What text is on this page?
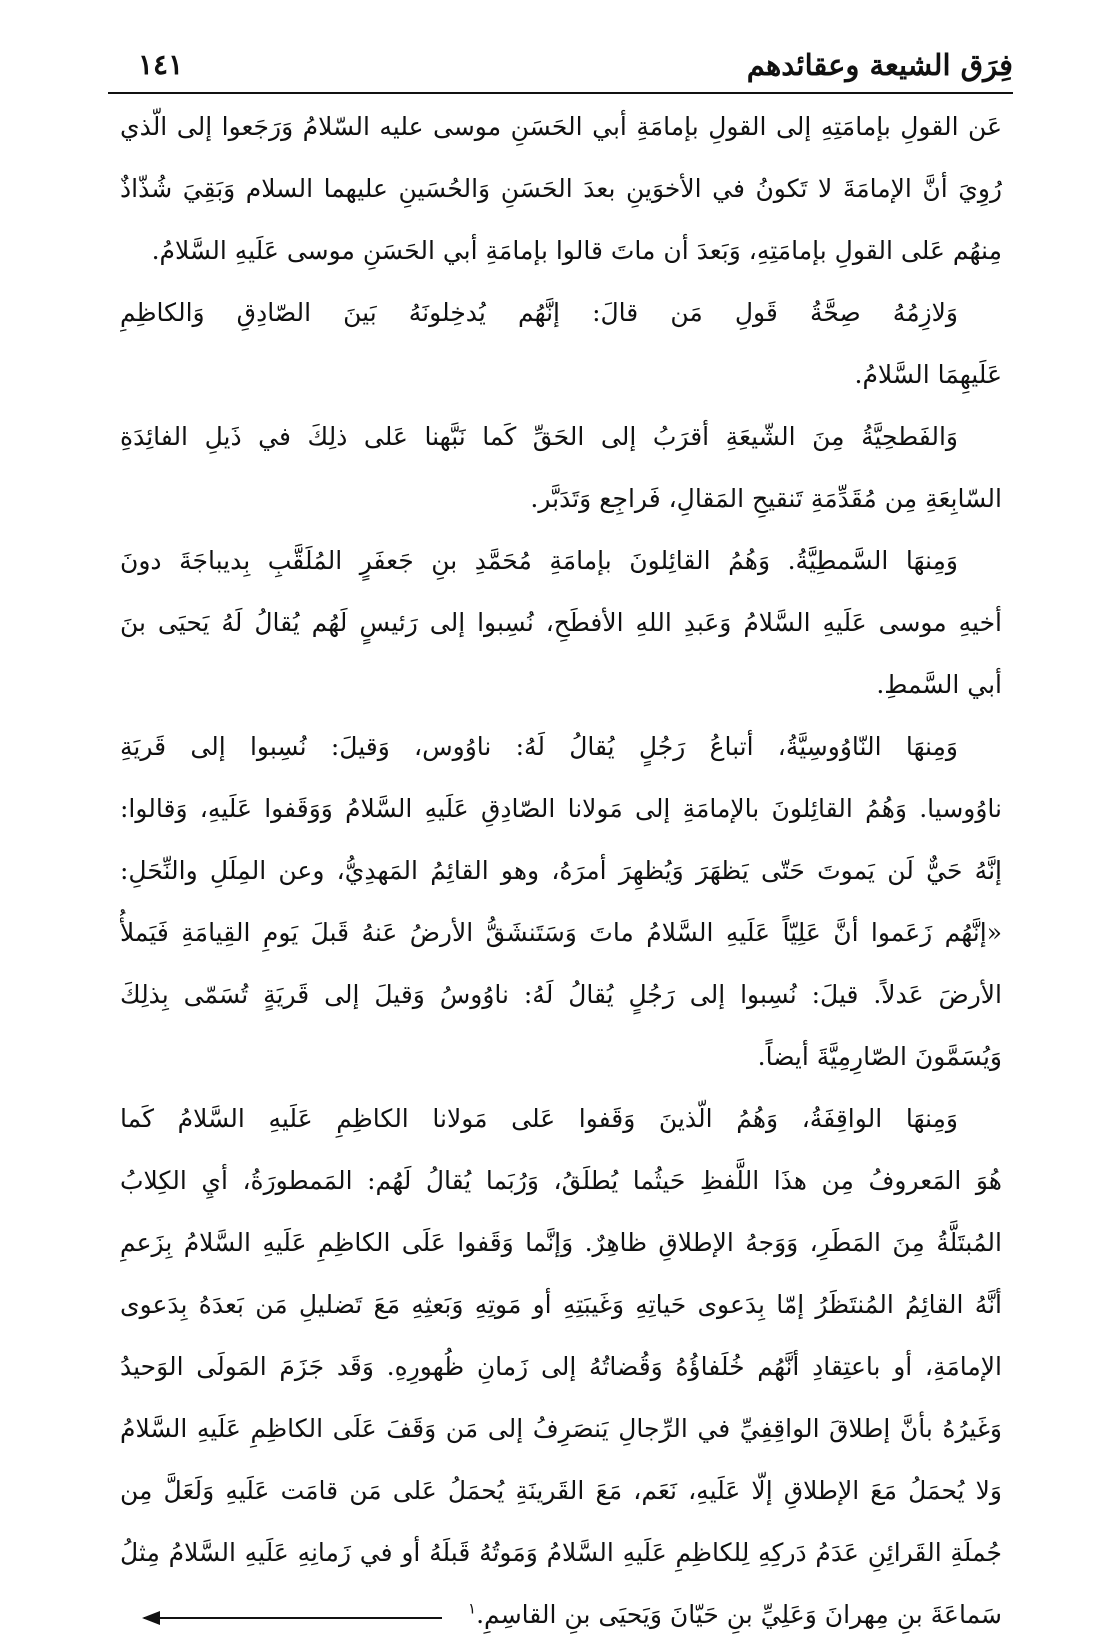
فِرَق الشيعة وعقائدهم
١٤١
عَن القولِ بإمامَتِهِ إلى القولِ بإمامَةِ أبي الحَسَنِ موسى عليه السّلامُ وَرَجَعوا إلى الّذي
رُوِيَ أنَّ الإمامَةَ لا تَكونُ في الأخوَينِ بعدَ الحَسَنِ وَالحُسَينِ عليهما السلام وَبَقِيَ شُذّاذٌ
مِنهُم عَلى القولِ بإمامَتِهِ، وَبَعدَ أن ماتَ قالوا بإمامَةِ أبي الحَسَنِ موسى عَلَيهِ السَّلامُ.
وَلازِمُهُ صِحَّةُ قَولِ مَن قالَ: إنَّهُم يُدخِلونَهُ بَينَ الصّادِقِ وَالكاظِمِ
عَلَيهِمَا السَّلامُ.
وَالفَطحِيَّةُ مِنَ الشّيعَةِ أقرَبُ إلى الحَقِّ كَما نَبَّهنا عَلى ذلِكَ في ذَيلِ الفائِدَةِ
السّابِعَةِ مِن مُقَدِّمَةِ تَنقيحِ المَقالِ، فَراجِع وَتَدَبَّر.
وَمِنهَا السَّمطِيَّةُ. وَهُمُ القائِلونَ بإمامَةِ مُحَمَّدِ بنِ جَعفَرٍ المُلَقَّبِ بِديباجَةَ دونَ
أخيهِ موسى عَلَيهِ السَّلامُ وَعَبدِ اللهِ الأفطَحِ، نُسِبوا إلى رَئيسٍ لَهُم يُقالُ لَهُ يَحيَى بنَ
أبي السَّمطِ.
وَمِنهَا النّاوُوسِيَّةُ، أتباعُ رَجُلٍ يُقالُ لَهُ: ناوُوس، وَقيلَ: نُسِبوا إلى قَريَةِ
ناوُوسيا. وَهُمُ القائِلونَ بالإمامَةِ إلى مَولانا الصّادِقِ عَلَيهِ السَّلامُ وَوَقَفوا عَلَيهِ، وَقالوا:
إنَّهُ حَيٌّ لَن يَموتَ حَتّى يَظهَرَ وَيُظهِرَ أمرَهُ، وهو القائِمُ المَهدِيُّ، وعن المِلَلِ والنِّحَلِ:
«إنَّهُم زَعَموا أنَّ عَلِيّاً عَلَيهِ السَّلامُ ماتَ وَسَتَنشَقُّ الأرضُ عَنهُ قَبلَ يَومِ القِيامَةِ فَيَملأُ
الأرضَ عَدلاً. قيلَ: نُسِبوا إلى رَجُلٍ يُقالُ لَهُ: ناوُوسُ وَقيلَ إلى قَريَةٍ تُسَمّى بِذلِكَ
وَيُسَمَّونَ الصّارِمِيَّةَ أيضاً.
وَمِنهَا الواقِفَةُ، وَهُمُ الّذينَ وَقَفوا عَلى مَولانا الكاظِمِ عَلَيهِ السَّلامُ كَما
هُوَ المَعروفُ مِن هذَا اللَّفظِ حَيثُما يُطلَقُ، وَرُبَما يُقالُ لَهُم: المَمطورَةُ، أيِ الكِلابُ
المُبتَلَّةُ مِنَ المَطَرِ، وَوَجهُ الإطلاقِ ظاهِرٌ. وَإنَّما وَقَفوا عَلَى الكاظِمِ عَلَيهِ السَّلامُ بِزَعمِ
أنَّهُ القائِمُ المُنتَظَرُ إمّا بِدَعوى حَياتِهِ وَغَيبَتِهِ أو مَوتِهِ وَبَعثِهِ مَعَ تَضليلِ مَن بَعدَهُ بِدَعوى
الإمامَةِ، أو باعتِقادِ أنَّهُم خُلَفاؤُهُ وَقُضاتُهُ إلى زَمانِ ظُهورِهِ. وَقَد جَزَمَ المَولَى الوَحيدُ
وَغَيرُهُ بأنَّ إطلاقَ الواقِفِيِّ في الرِّجالِ يَنصَرِفُ إلى مَن وَقَفَ عَلَى الكاظِمِ عَلَيهِ السَّلامُ
وَلا يُحمَلُ مَعَ الإطلاقِ إلّا عَلَيهِ، نَعَم، مَعَ القَرينَةِ يُحمَلُ عَلى مَن قامَت عَلَيهِ وَلَعَلَّ مِن
جُملَةِ القَرائِنِ عَدَمُ دَركِهِ لِلكاظِمِ عَلَيهِ السَّلامُ وَمَوتُهُ قَبلَهُ أو في زَمانِهِ عَلَيهِ السَّلامُ مِثلُ
سَماعَةَ بنِ مِهرانَ وَعَلِيِّ بنِ حَيّانَ وَيَحيَى بنِ القاسِمِ.$^١$
